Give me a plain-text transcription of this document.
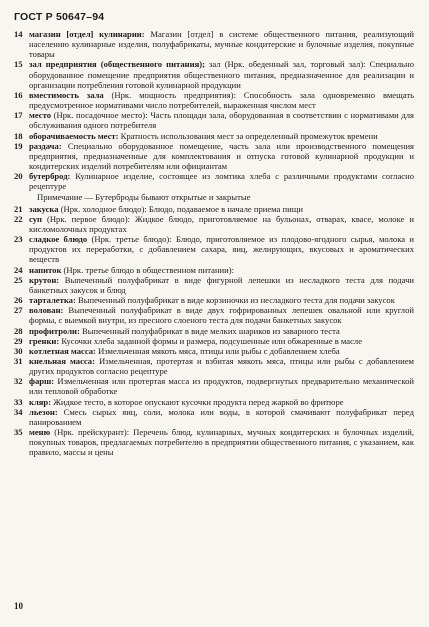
ГОСТ Р 50647–94
14 магазин [отдел] кулинарии: Магазин [отдел] в системе общественного питания, реализующий населению кулинарные изделия, полуфабрикаты, мучные кондитерские и булочные изделия, покупные товары
15 зал предприятия (общественного питания); зал (Нрк. обеденный зал, торговый зал): Специально оборудованное помещение предприятия общественного питания, предназначенное для реализации и организации потребления готовой кулинарной продукции
16 вместимость зала (Нрк. мощность предприятия): Способность зала одновременно вмещать предусмотренное нормативами число потребителей, выраженная числом мест
17 место (Нрк. посадочное место): Часть площади зала, оборудованная в соответствии с нормативами для обслуживания одного потребителя
18 оборачиваемость мест: Кратность использования мест за определенный промежуток времени
19 раздача: Специально оборудованное помещение, часть зала или производственного помещения предприятия, предназначенные для комплектования и отпуска готовой кулинарной продукции и кондитерских изделий потребителям или официантам
20 бутерброд: Кулинарное изделие, состоящее из ломтика хлеба с различными продуктами согласно рецептуре
Примечание — Бутерброды бывают открытые и закрытые
21 закуска (Нрк. холодное блюдо): Блюдо, подаваемое в начале приема пищи
22 суп (Нрк. первое блюдо): Жидкое блюдо, приготовляемое на бульонах, отварах, квасе, молоке и кисломолочных продуктах
23 сладкое блюдо (Нрк. третье блюдо): Блюдо, приготовляемое из плодово-ягодного сырья, молока и продуктов их переработки, с добавлением сахара, яиц, желирующих, вкусовых и ароматических веществ
24 напиток (Нрк. третье блюдо в общественном питании):
25 крутон: Выпеченный полуфабрикат в виде фигурной лепешки из несладкого теста для подачи банкетных закусок и блюд
26 тарталетка: Выпеченный полуфабрикат в виде корзиночки из несладкого теста для подачи закусок
27 волован: Выпеченный полуфабрикат в виде двух гофрированных лепешек овальной или круглой формы, с выемкой внутри, из пресного слоеного теста для подачи банкетных закусок
28 профитроли: Выпеченный полуфабрикат в виде мелких шариков из заварного теста
29 гренки: Кусочки хлеба заданной формы и размера, подсушенные или обжаренные в масле
30 котлетная масса: Измельченная мякоть мяса, птицы или рыбы с добавлением хлеба
31 кнельная масса: Измельченная, протертая и взбитая мякоть мяса, птицы или рыбы с добавлением других продуктов согласно рецептуре
32 фарш: Измельченная или протертая масса из продуктов, подвергнутых предварительно механической или тепловой обработке
33 кляр: Жидкое тесто, в которое опускают кусочки продукта перед жаркой во фритюре
34 льезон: Смесь сырых яиц, соли, молока или воды, в которой смачивают полуфабрикат перед панированием
35 меню (Нрк. прейскурант): Перечень блюд, кулинарных, мучных кондитерских и булочных изделий, покупных товаров, предлагаемых потребителю в предприятии общественного питания, с указанием, как правило, массы и цены
10
